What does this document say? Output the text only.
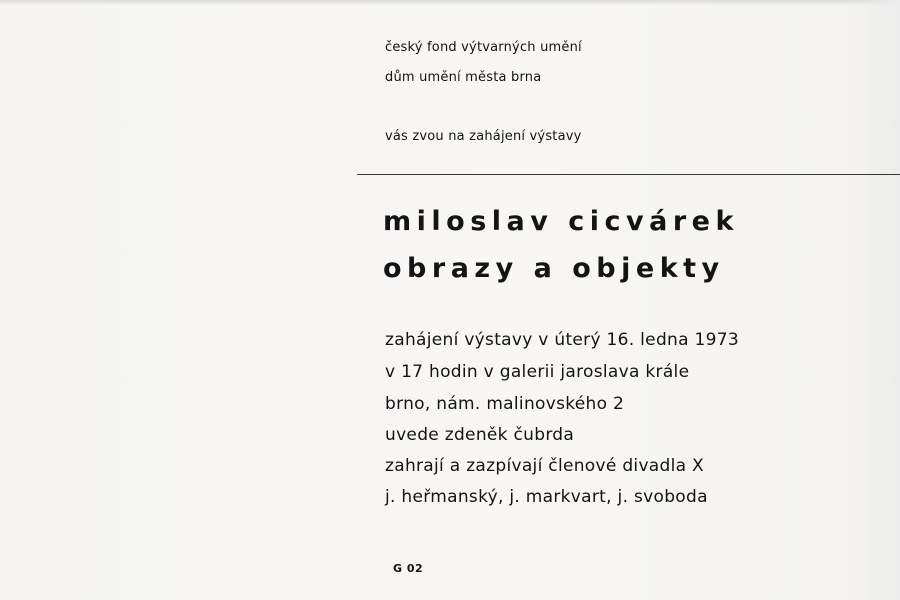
český fond výtvarných umění
dům umění města brna
vás zvou na zahájení výstavy
miloslav cicvárek
obrazy a objekty
zahájení výstavy v úterý 16. ledna 1973
v 17 hodin v galerii jaroslava krále
brno, nám. malinovského 2
uvede zdeněk čubrda
zahrají a zazpívají členové divadla X
j. heřmanský, j. markvart, j. svoboda
G 02
